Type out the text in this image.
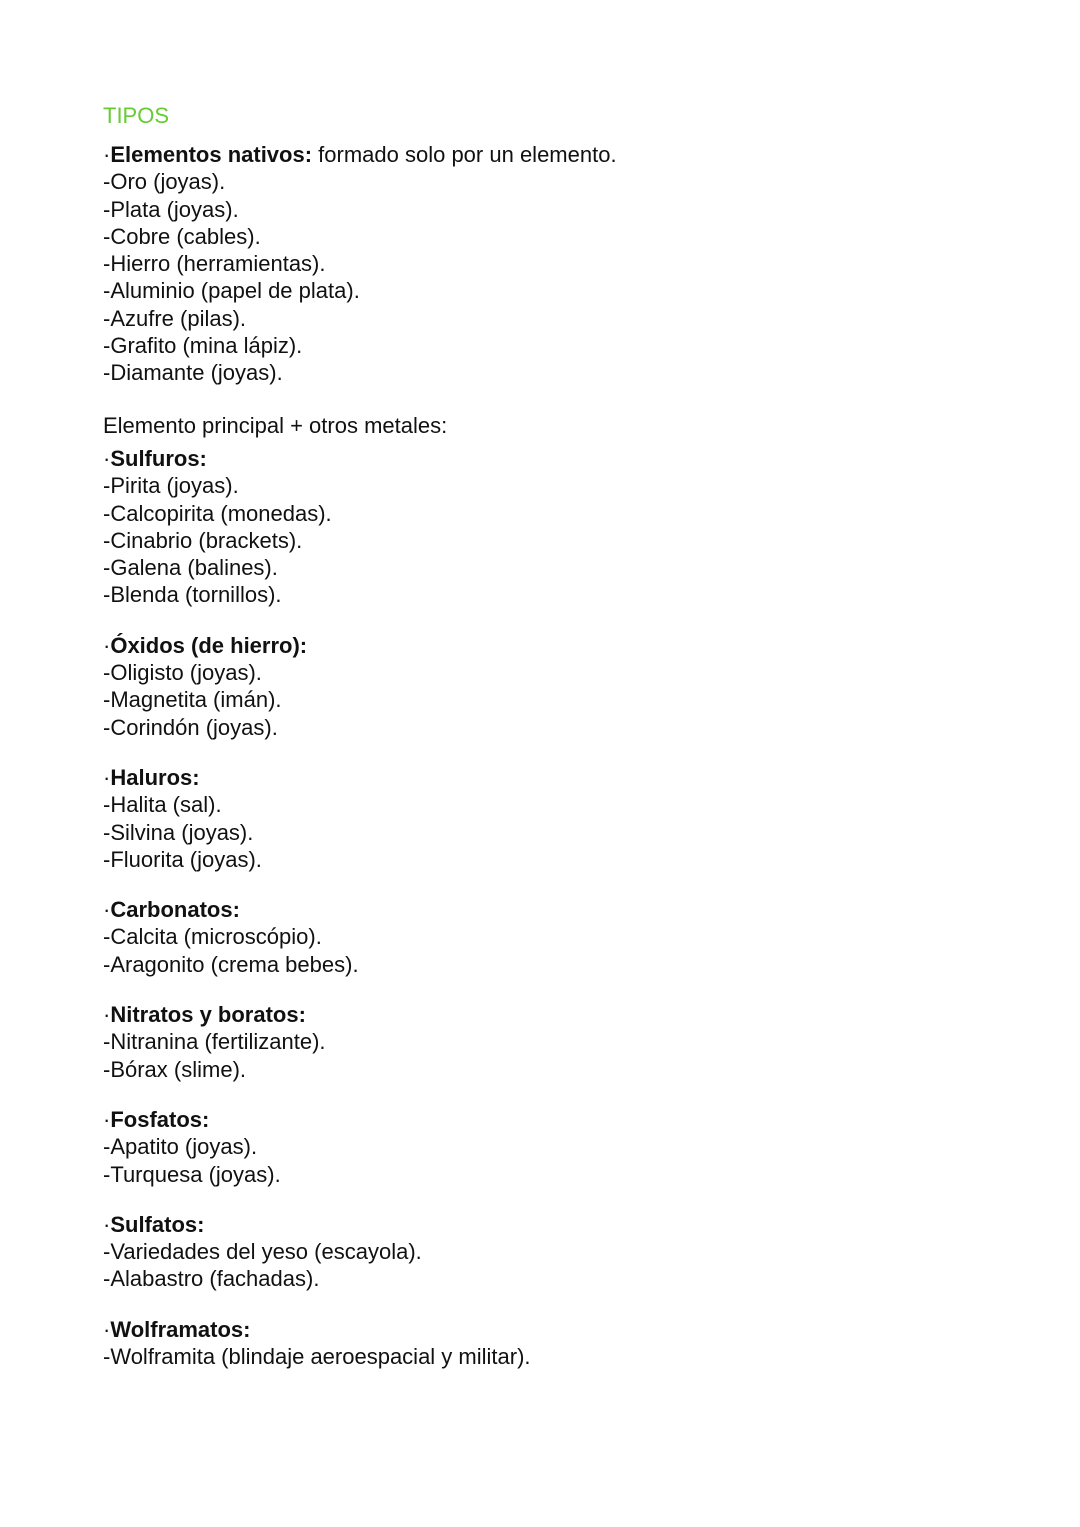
TIPOS
·Elementos nativos: formado solo por un elemento.
-Oro (joyas).
-Plata (joyas).
-Cobre (cables).
-Hierro (herramientas).
-Aluminio (papel de plata).
-Azufre (pilas).
-Grafito (mina lápiz).
-Diamante (joyas).
Elemento principal + otros metales:
·Sulfuros:
-Pirita (joyas).
-Calcopirita (monedas).
-Cinabrio (brackets).
-Galena (balines).
-Blenda (tornillos).
·Óxidos (de hierro):
-Oligisto (joyas).
-Magnetita (imán).
-Corindón (joyas).
·Haluros:
-Halita (sal).
-Silvina (joyas).
-Fluorita (joyas).
·Carbonatos:
-Calcita (microscópio).
-Aragonito (crema bebes).
·Nitratos y boratos:
-Nitranina (fertilizante).
-Bórax (slime).
·Fosfatos:
-Apatito (joyas).
-Turquesa (joyas).
·Sulfatos:
-Variedades del yeso (escayola).
-Alabastro (fachadas).
·Wolframatos:
-Wolframita (blindaje aeroespacial y militar).
